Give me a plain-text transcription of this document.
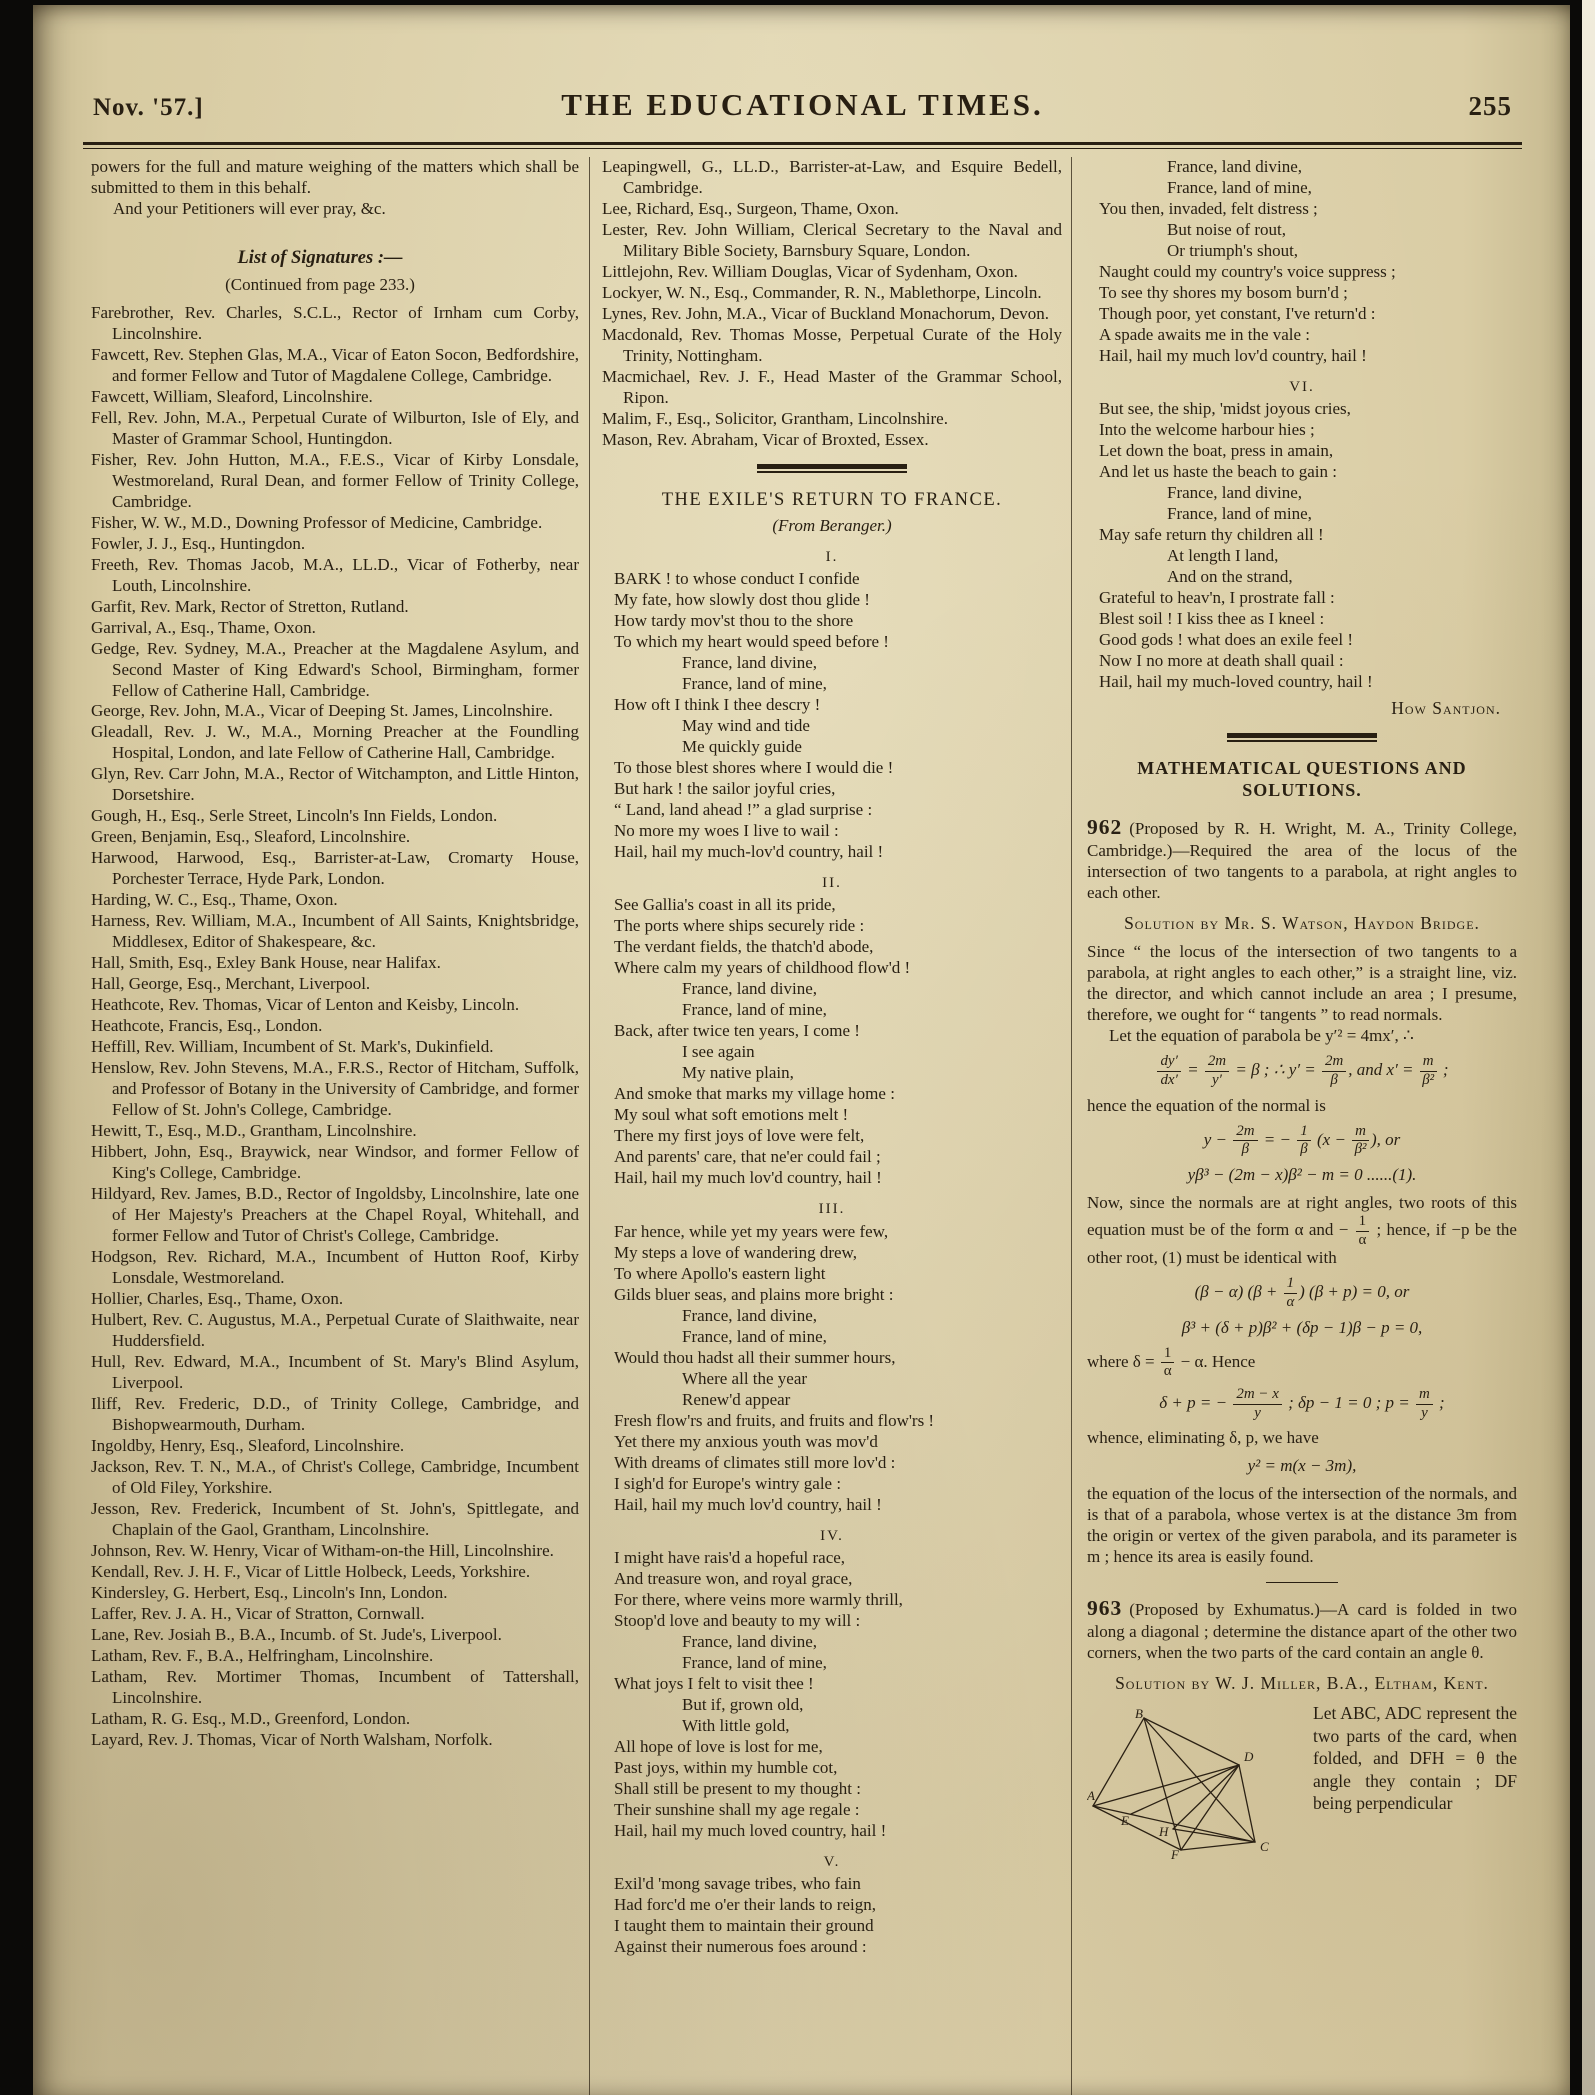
Nov. '57.]	THE EDUCATIONAL TIMES.	255

powers for the full and mature weighing of the matters which shall be submitted to them in this behalf.

And your Petitioners will ever pray, &c.

List of Signatures :—

(Continued from page 233.)

Farebrother, Rev. Charles, S.C.L., Rector of Irnham cum Corby, Lincolnshire.
Fawcett, Rev. Stephen Glas, M.A., Vicar of Eaton Socon, Bedfordshire, and former Fellow and Tutor of Magdalene College, Cambridge.
Fawcett, William, Sleaford, Lincolnshire.
Fell, Rev. John, M.A., Perpetual Curate of Wilburton, Isle of Ely, and Master of Grammar School, Huntingdon.
Fisher, Rev. John Hutton, M.A., F.E.S., Vicar of Kirby Lonsdale, Westmoreland, Rural Dean, and former Fellow of Trinity College, Cambridge.
Fisher, W. W., M.D., Downing Professor of Medicine, Cambridge.
Fowler, J. J., Esq., Huntingdon.
Freeth, Rev. Thomas Jacob, M.A., LL.D., Vicar of Fotherby, near Louth, Lincolnshire.
Garfit, Rev. Mark, Rector of Stretton, Rutland.
Garrival, A., Esq., Thame, Oxon.
Gedge, Rev. Sydney, M.A., Preacher at the Magdalene Asylum, and Second Master of King Edward's School, Birmingham, former Fellow of Catherine Hall, Cambridge.
George, Rev. John, M.A., Vicar of Deeping St. James, Lincolnshire.
Gleadall, Rev. J. W., M.A., Morning Preacher at the Foundling Hospital, London, and late Fellow of Catherine Hall, Cambridge.
Glyn, Rev. Carr John, M.A., Rector of Witchampton, and Little Hinton, Dorsetshire.
Gough, H., Esq., Serle Street, Lincoln's Inn Fields, London.
Green, Benjamin, Esq., Sleaford, Lincolnshire.
Harwood, Harwood, Esq., Barrister-at-Law, Cromarty House, Porchester Terrace, Hyde Park, London.
Harding, W. C., Esq., Thame, Oxon.
Harness, Rev. William, M.A., Incumbent of All Saints, Knightsbridge, Middlesex, Editor of Shakespeare, &c.
Hall, Smith, Esq., Exley Bank House, near Halifax.
Hall, George, Esq., Merchant, Liverpool.
Heathcote, Rev. Thomas, Vicar of Lenton and Keisby, Lincoln.
Heathcote, Francis, Esq., London.
Heffill, Rev. William, Incumbent of St. Mark's, Dukinfield.
Henslow, Rev. John Stevens, M.A., F.R.S., Rector of Hitcham, Suffolk, and Professor of Botany in the University of Cambridge, and former Fellow of St. John's College, Cambridge.
Hewitt, T., Esq., M.D., Grantham, Lincolnshire.
Hibbert, John, Esq., Braywick, near Windsor, and former Fellow of King's College, Cambridge.
Hildyard, Rev. James, B.D., Rector of Ingoldsby, Lincolnshire, late one of Her Majesty's Preachers at the Chapel Royal, Whitehall, and former Fellow and Tutor of Christ's College, Cambridge.
Hodgson, Rev. Richard, M.A., Incumbent of Hutton Roof, Kirby Lonsdale, Westmoreland.
Hollier, Charles, Esq., Thame, Oxon.
Hulbert, Rev. C. Augustus, M.A., Perpetual Curate of Slaithwaite, near Huddersfield.
Hull, Rev. Edward, M.A., Incumbent of St. Mary's Blind Asylum, Liverpool.
Iliff, Rev. Frederic, D.D., of Trinity College, Cambridge, and Bishopwearmouth, Durham.
Ingoldby, Henry, Esq., Sleaford, Lincolnshire.
Jackson, Rev. T. N., M.A., of Christ's College, Cambridge, Incumbent of Old Filey, Yorkshire.
Jesson, Rev. Frederick, Incumbent of St. John's, Spittlegate, and Chaplain of the Gaol, Grantham, Lincolnshire.
Johnson, Rev. W. Henry, Vicar of Witham-on-the Hill, Lincolnshire.
Kendall, Rev. J. H. F., Vicar of Little Holbeck, Leeds, Yorkshire.
Kindersley, G. Herbert, Esq., Lincoln's Inn, London.
Laffer, Rev. J. A. H., Vicar of Stratton, Cornwall.
Lane, Rev. Josiah B., B.A., Incumb. of St. Jude's, Liverpool.
Latham, Rev. F., B.A., Helfringham, Lincolnshire.
Latham, Rev. Mortimer Thomas, Incumbent of Tattershall, Lincolnshire.
Latham, R. G. Esq., M.D., Greenford, London.
Layard, Rev. J. Thomas, Vicar of North Walsham, Norfolk.
Leapingwell, G., LL.D., Barrister-at-Law, and Esquire Bedell, Cambridge.
Lee, Richard, Esq., Surgeon, Thame, Oxon.
Lester, Rev. John William, Clerical Secretary to the Naval and Military Bible Society, Barnsbury Square, London.
Littlejohn, Rev. William Douglas, Vicar of Sydenham, Oxon.
Lockyer, W. N., Esq., Commander, R. N., Mablethorpe, Lincoln.
Lynes, Rev. John, M.A., Vicar of Buckland Monachorum, Devon.
Macdonald, Rev. Thomas Mosse, Perpetual Curate of the Holy Trinity, Nottingham.
Macmichael, Rev. J. F., Head Master of the Grammar School, Ripon.
Malim, F., Esq., Solicitor, Grantham, Lincolnshire.
Mason, Rev. Abraham, Vicar of Broxted, Essex.
THE EXILE'S RETURN TO FRANCE.
(From Beranger.)
I.
BARK ! to whose conduct I confide
My fate, how slowly dost thou glide !
How tardy mov'st thou to the shore
To which my heart would speed before !
    France, land divine,
    France, land of mine,
How oft I think I thee descry !
    May wind and tide
    Me quickly guide
To those blest shores where I would die !
But hark ! the sailor joyful cries,
“ Land, land ahead !” a glad surprise :
No more my woes I live to wail :
Hail, hail my much-lov'd country, hail !
II.
See Gallia's coast in all its pride,
The ports where ships securely ride :
The verdant fields, the thatch'd abode,
Where calm my years of childhood flow'd !
    France, land divine,
    France, land of mine,
Back, after twice ten years, I come !
    I see again
    My native plain,
And smoke that marks my village home :
My soul what soft emotions melt !
There my first joys of love were felt,
And parents' care, that ne'er could fail ;
Hail, hail my much lov'd country, hail !
III.
Far hence, while yet my years were few,
My steps a love of wandering drew,
To where Apollo's eastern light
Gilds bluer seas, and plains more bright :
    France, land divine,
    France, land of mine,
Would thou hadst all their summer hours,
    Where all the year
    Renew'd appear
Fresh flow'rs and fruits, and fruits and flow'rs !
Yet there my anxious youth was mov'd
With dreams of climates still more lov'd :
I sigh'd for Europe's wintry gale :
Hail, hail my much lov'd country, hail !
IV.
I might have rais'd a hopeful race,
And treasure won, and royal grace,
For there, where veins more warmly thrill,
Stoop'd love and beauty to my will :
    France, land divine,
    France, land of mine,
What joys I felt to visit thee !
    But if, grown old,
    With little gold,
All hope of love is lost for me,
Past joys, within my humble cot,
Shall still be present to my thought :
Their sunshine shall my age regale :
Hail, hail my much loved country, hail !
V.
Exil'd 'mong savage tribes, who fain
Had forc'd me o'er their lands to reign,
I taught them to maintain their ground
Against their numerous foes around :
    France, land divine,
    France, land of mine,
You then, invaded, felt distress ;
    But noise of rout,
    Or triumph's shout,
Naught could my country's voice suppress ;
To see thy shores my bosom burn'd ;
Though poor, yet constant, I've return'd :
A spade awaits me in the vale :
Hail, hail my much lov'd country, hail !
VI.
But see, the ship, 'midst joyous cries,
Into the welcome harbour hies ;
Let down the boat, press in amain,
And let us haste the beach to gain :
    France, land divine,
    France, land of mine,
May safe return thy children all !
    At length I land,
    And on the strand,
Grateful to heav'n, I prostrate fall :
Blest soil ! I kiss thee as I kneel :
Good gods ! what does an exile feel !
Now I no more at death shall quail :
Hail, hail my much-loved country, hail !
How Santjon.
MATHEMATICAL QUESTIONS AND SOLUTIONS.

962 (Proposed by R. H. Wright, M. A., Trinity College, Cambridge.)—Required the area of the locus of the intersection of two tangents to a parabola, at right angles to each other.

Solution by Mr. S. Watson, Haydon Bridge.

Since “ the locus of the intersection of two tangents to a parabola, at right angles to each other,” is a straight line, viz. the director, and which cannot include an area ; I presume, therefore, we ought for “ tangents ” to read normals.

Let the equation of parabola be y′² = 4mx′, ∴

$\frac{dy'}{dx'} = \frac{2m}{y'} = \beta$ ; ∴ $y' = \frac{2m}{\beta}$ , and $x' = \frac{m}{\text{β²}}$ ;

hence the equation of the normal is

$y - \frac{2m}{\beta}$ = − $\frac{1}{\beta} (x - \frac{m}{\text{β²}}$ ), or
yβ³ − (2m − x)β² − m = 0 ......(1).

Now, since the normals are at right angles, two roots of this equation must be of the form α and − $\frac{1}{\alpha}$ ; hence, if −p be the other root, (1) must be identical with

(β − α) ($\beta + \frac{1}{\alpha}$ ) (β + p) = 0, or
β³ + (δ + p)β² + (δp − 1)β − p = 0,

where $\delta = \frac{1}{\alpha} - \alpha$. Hence

δ + p = − $\frac{2m - x}{y}$ ; δp − 1 = 0 ; $p = \frac{m}{y}$ ;

whence, eliminating δ, p, we have

y² = m(x − 3m),

the equation of the locus of the intersection of the normals, and is that of a parabola, whose vertex is at the distance 3m from the origin or vertex of the given parabola, and its parameter is m ; hence its area is easily found.

963 (Proposed by Exhumatus.)—A card is folded in two along a diagonal ; determine the distance apart of the other two corners, when the two parts of the card contain an angle θ.

Solution by W. J. Miller, B.A., Eltham, Kent.
B
D
A
E
H
F
C

Let ABC, ADC represent the two parts of the card, when folded, and DFH = θ the angle they contain ; DF being perpendicular
